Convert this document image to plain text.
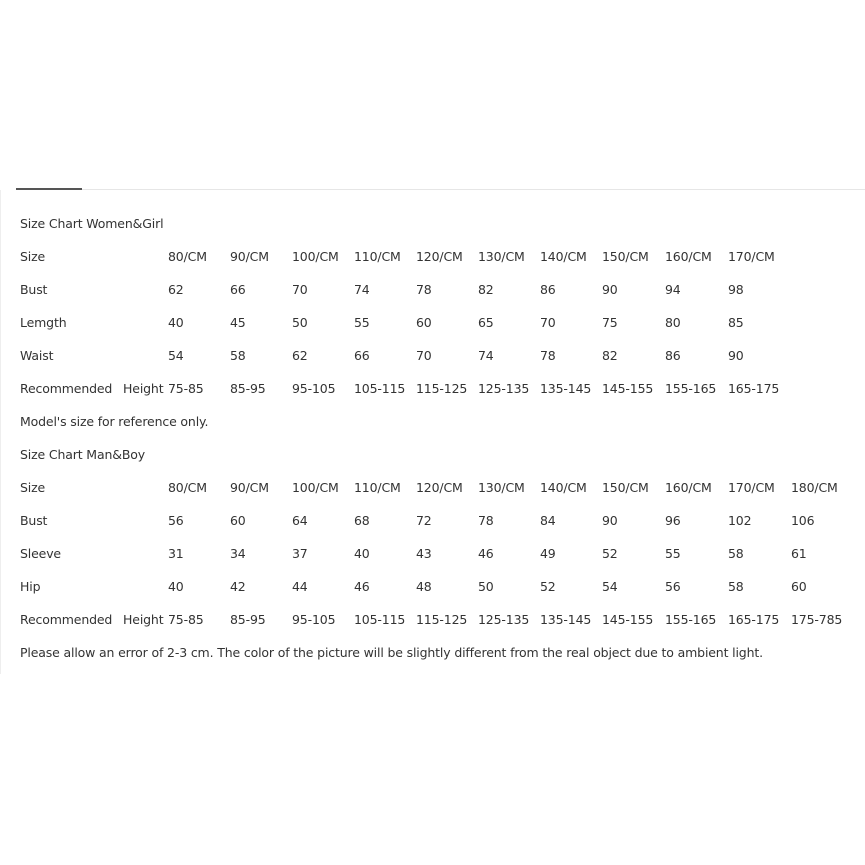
Size Chart Women&Girl
Size	80/CM 90/CM 100/CM 110/CM 120/CM 130/CM 140/CM 150/CM 160/CM 170/CM
Bust	62	66	70	74	78	82	86	90	94	98
Lemgth	40	45	50	55	60	65	70	75	80	85
Waist	54	58	62	66	70	74	78	82	86	90
Recommended Height 75-85 85-95 95-105 105-115 115-125 125-135 135-145 145-155 155-165 165-175
Model's size for reference only.
Size Chart Man&Boy
Size	80/CM 90/CM 100/CM 110/CM 120/CM 130/CM 140/CM 150/CM 160/CM 170/CM 180/CM
Bust	56	60	64	68	72	78	84	90	96	102	106
Sleeve	31	34	37	40	43	46	49	52	55	58	61
Hip	40	42	44	46	48	50	52	54	56	58	60
Recommended Height 75-85 85-95 95-105 105-115 115-125 125-135 135-145 145-155 155-165 165-175 175-785
Please allow an error of 2-3 cm. The color of the picture will be slightly different from the real object due to ambient light.
